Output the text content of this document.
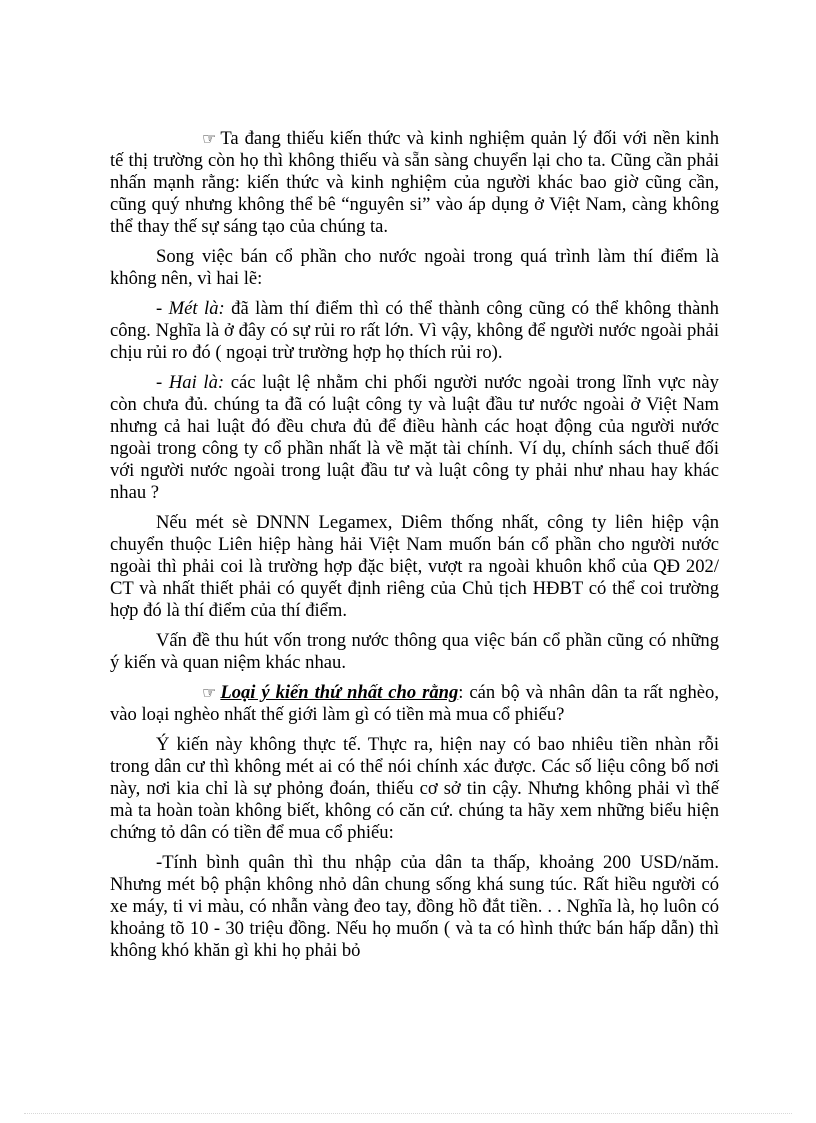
☞ Ta đang thiếu kiến thức và kinh nghiệm quản lý đối với nền kinh tế thị trường còn họ thì không thiếu và sẵn sàng chuyển lại cho ta. Cũng cần phải nhấn mạnh rằng: kiến thức và kinh nghiệm của người khác bao giờ cũng cần, cũng quý nhưng không thể bê “nguyên si” vào áp dụng ở Việt Nam, càng không thể thay thế sự sáng tạo của chúng ta.

Song việc bán cổ phần cho nước ngoài trong quá trình làm thí điểm là không nên, vì hai lẽ:

- Mét là: đã làm thí điểm thì có thể thành công cũng có thể không thành công. Nghĩa là ở đây có sự rủi ro rất lớn. Vì vậy, không để người nước ngoài phải chịu rủi ro đó ( ngoại trừ trường hợp họ thích rủi ro).

- Hai là: các luật lệ nhằm chi phối người nước ngoài trong lĩnh vực này còn chưa đủ. chúng ta đã có luật công ty và luật đầu tư nước ngoài ở Việt Nam nhưng cả hai luật đó đều chưa đủ để điều hành các hoạt động của người nước ngoài trong công ty cổ phần nhất là về mặt tài chính. Ví dụ, chính sách thuế đối với người nước ngoài trong luật đầu tư và luật công ty phải như nhau hay khác nhau ?

Nếu mét sè DNNN Legamex, Diêm thống nhất, công ty liên hiệp vận chuyển thuộc Liên hiệp hàng hải Việt Nam muốn bán cổ phần cho người nước ngoài thì phải coi là trường hợp đặc biệt, vượt ra ngoài khuôn khổ của QĐ 202/ CT và nhất thiết phải có quyết định riêng của Chủ tịch HĐBT có thể coi trường hợp đó là thí điểm của thí điểm.

Vấn đề thu hút vốn trong nước thông qua việc bán cổ phần cũng có những ý kiến và quan niệm khác nhau.

☞ Loại ý kiến thứ nhất cho rằng: cán bộ và nhân dân ta rất nghèo, vào loại nghèo nhất thế giới làm gì có tiền mà mua cổ phiếu?

Ý kiến này không thực tế. Thực ra, hiện nay có bao nhiêu tiền nhàn rỗi trong dân cư thì không mét ai có thể nói chính xác được. Các số liệu công bố nơi này, nơi kia chỉ là sự phỏng đoán, thiếu cơ sở tin cậy. Nhưng không phải vì thế mà ta hoàn toàn không biết, không có căn cứ. chúng ta hãy xem những biểu hiện chứng tỏ dân có tiền để mua cổ phiếu:

-Tính bình quân thì thu nhập của dân ta thấp, khoảng 200 USD/năm. Nhưng mét bộ phận không nhỏ dân chung sống khá sung túc. Rất hiều người có xe máy, ti vi màu, có nhẫn vàng đeo tay, đồng hồ đắt tiền. . . Nghĩa là, họ luôn có khoảng tõ 10 - 30 triệu đồng. Nếu họ muốn ( và ta có hình thức bán hấp dẫn) thì không khó khăn gì khi họ phải bỏ
